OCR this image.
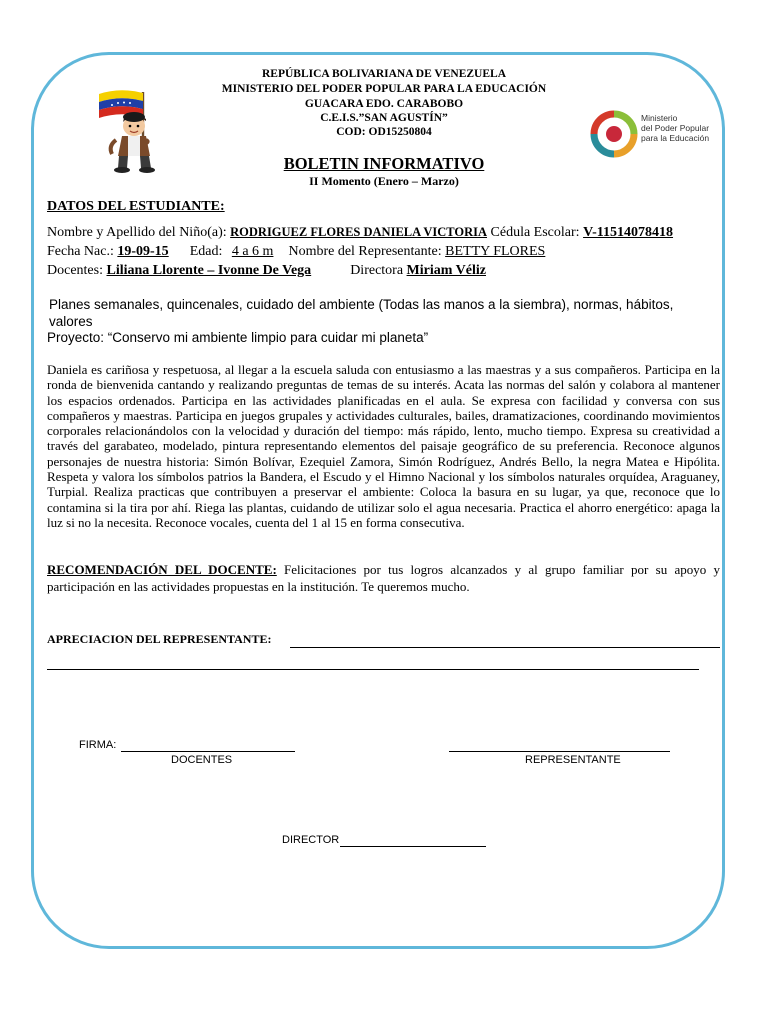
Ministerio
del Poder Popular
para la Educación
REPÚBLICA BOLIVARIANA DE VENEZUELA
MINISTERIO DEL PODER POPULAR PARA LA EDUCACIÓN
GUACARA EDO. CARABOBO
C.E.I.S.”SAN AGUSTÍN”
COD: OD15250804
BOLETIN INFORMATIVO
II Momento (Enero – Marzo)
DATOS DEL ESTUDIANTE:
Nombre y Apellido del Niño(a): RODRIGUEZ FLORES DANIELA VICTORIA Cédula Escolar: V-11514078418
Fecha Nac.: 19-09-15 Edad: 4 a 6 m Nombre del Representante: BETTY FLORES
Docentes: Liliana Llorente – Ivonne De Vega	Directora Miriam Véliz
Planes semanales, quincenales, cuidado del ambiente (Todas las manos a la siembra), normas, hábitos, valores
Proyecto: “Conservo mi ambiente limpio para cuidar mi planeta”
Daniela es cariñosa y respetuosa, al llegar a la escuela saluda con entusiasmo a las maestras y a sus compañeros. Participa en la ronda de bienvenida cantando y realizando preguntas de temas de su interés. Acata las normas del salón y colabora al mantener los espacios ordenados. Participa en las actividades planificadas en el aula. Se expresa con facilidad y conversa con sus compañeros y maestras. Participa en juegos grupales y actividades culturales, bailes, dramatizaciones, coordinando movimientos corporales relacionándolos con la velocidad y duración del tiempo: más rápido, lento, mucho tiempo. Expresa su creatividad a través del garabateo, modelado, pintura representando elementos del paisaje geográfico de su preferencia. Reconoce algunos personajes de nuestra historia: Simón Bolívar, Ezequiel Zamora, Simón Rodríguez, Andrés Bello, la negra Matea e Hipólita. Respeta y valora los símbolos patrios la Bandera, el Escudo y el Himno Nacional y los símbolos naturales orquídea, Araguaney, Turpial. Realiza practicas que contribuyen a preservar el ambiente: Coloca la basura en su lugar, ya que, reconoce que lo contamina si la tira por ahí. Riega las plantas, cuidando de utilizar solo el agua necesaria. Practica el ahorro energético: apaga la luz si no la necesita. Reconoce vocales, cuenta del 1 al 15 en forma consecutiva.
RECOMENDACIÓN DEL DOCENTE: Felicitaciones por tus logros alcanzados y al grupo familiar por su apoyo y participación en las actividades propuestas en la institución. Te queremos mucho.
APRECIACION DEL REPRESENTANTE:
FIRMA:
DOCENTES	REPRESENTANTE
DIRECTOR
